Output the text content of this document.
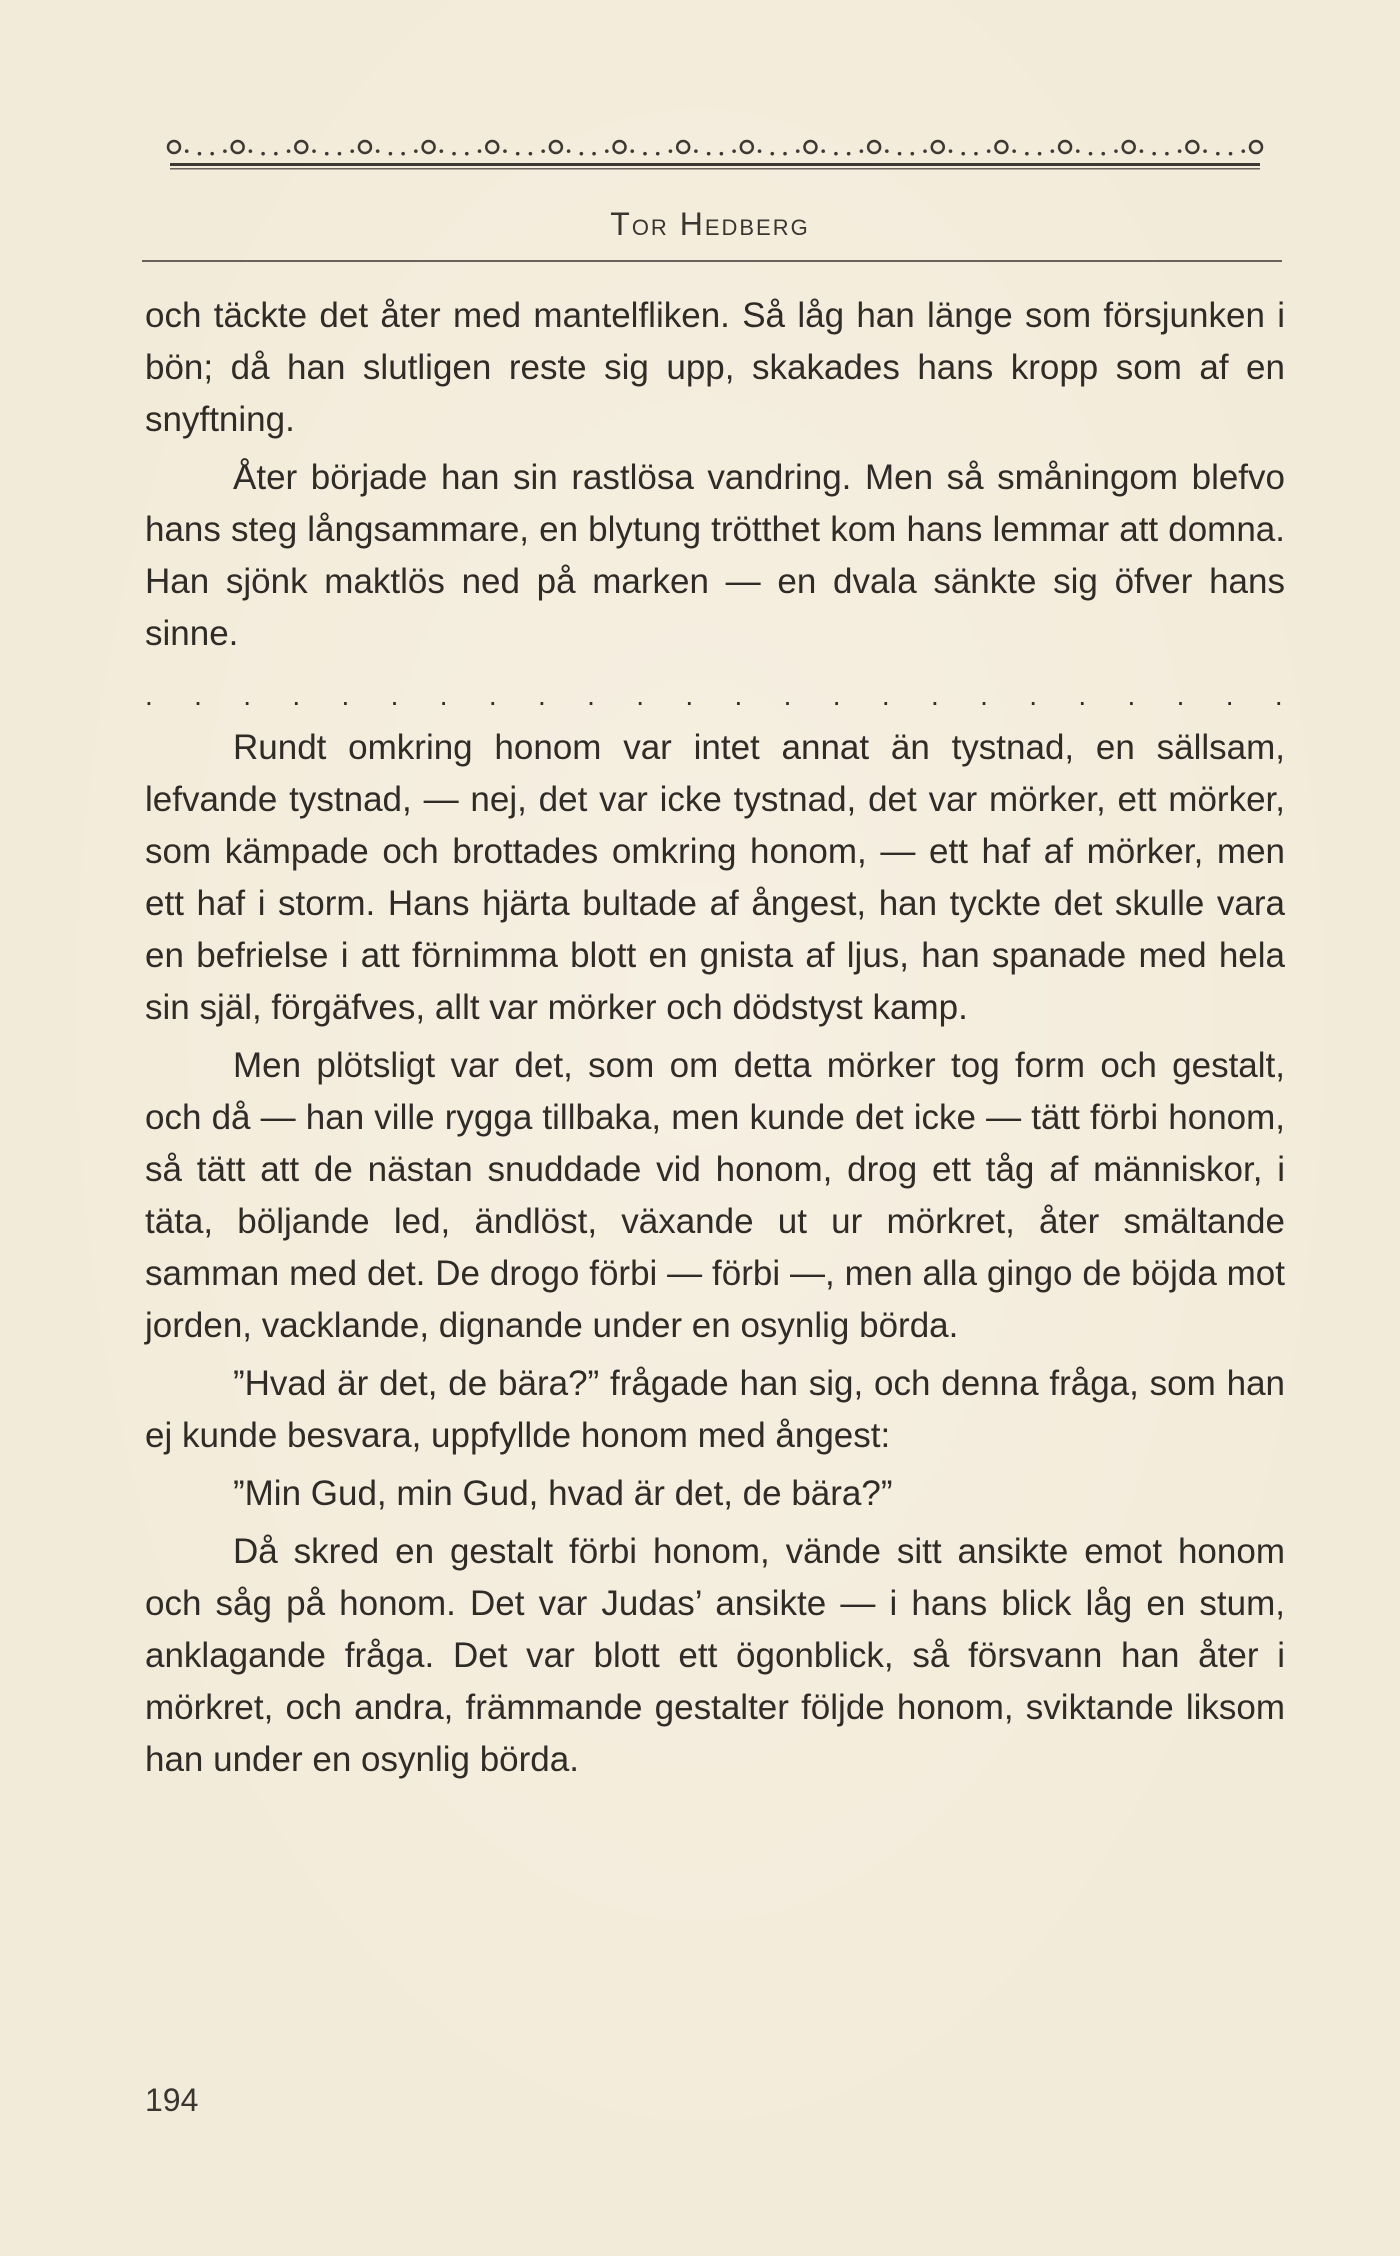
Tor Hedberg

och täckte det åter med mantelfliken. Så låg han länge som försjunken i bön; då han slutligen reste sig upp, skakades hans kropp som af en snyftning.

Åter började han sin rastlösa vandring. Men så småningom blefvo hans steg långsammare, en blytung trötthet kom hans lemmar att domna. Han sjönk maktlös ned på marken — en dvala sänkte sig öfver hans sinne.

. . . . . . . . . . . . . . . . . . . . . . . .

Rundt omkring honom var intet annat än tystnad, en sällsam, lefvande tystnad, — nej, det var icke tystnad, det var mörker, ett mörker, som kämpade och brottades omkring honom, — ett haf af mörker, men ett haf i storm. Hans hjärta bultade af ångest, han tyckte det skulle vara en befrielse i att förnimma blott en gnista af ljus, han spanade med hela sin själ, förgäfves, allt var mörker och dödstyst kamp.

Men plötsligt var det, som om detta mörker tog form och gestalt, och då — han ville rygga tillbaka, men kunde det icke — tätt förbi honom, så tätt att de nästan snuddade vid honom, drog ett tåg af människor, i täta, böljande led, ändlöst, växande ut ur mörkret, åter smältande samman med det. De drogo förbi — förbi —, men alla gingo de böjda mot jorden, vacklande, dignande under en osynlig börda.

”Hvad är det, de bära?” frågade han sig, och denna fråga, som han ej kunde besvara, uppfyllde honom med ångest:

”Min Gud, min Gud, hvad är det, de bära?”

Då skred en gestalt förbi honom, vände sitt ansikte emot honom och såg på honom. Det var Judas’ ansikte — i hans blick låg en stum, anklagande fråga. Det var blott ett ögonblick, så försvann han åter i mörkret, och andra, främmande gestalter följde honom, sviktande liksom han under en osynlig börda.

194
